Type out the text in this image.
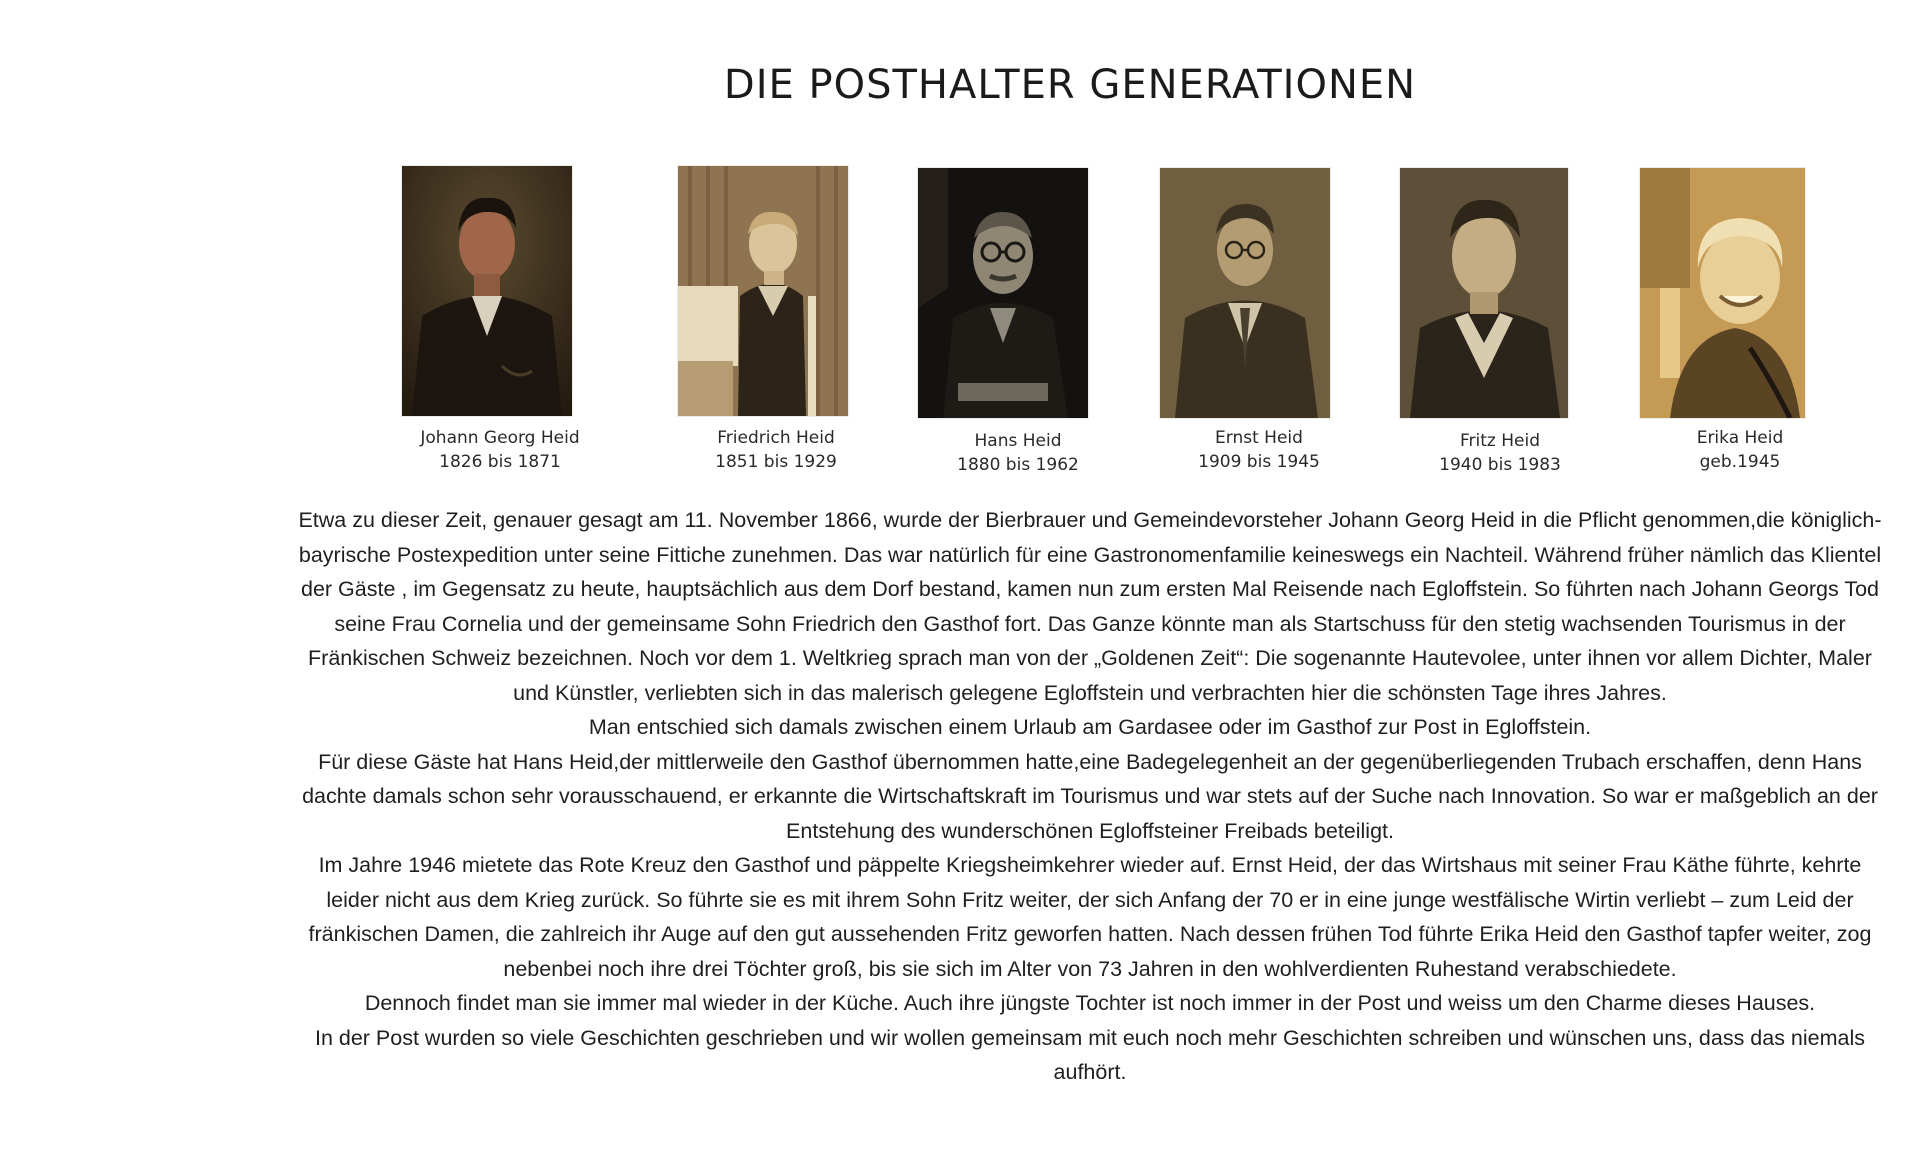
DIE POSTHALTER GENERATIONEN
Johann Georg Heid
1826 bis 1871
Friedrich Heid
1851 bis 1929
Hans Heid
1880 bis 1962
Ernst Heid
1909 bis 1945
Fritz Heid
1940 bis 1983
Erika Heid
geb.1945

Etwa zu dieser Zeit, genauer gesagt am 11. November 1866, wurde der Bierbrauer und Gemeindevorsteher Johann Georg Heid in die Pflicht genommen,die königlich-bayrische Postexpedition unter seine Fittiche zunehmen. Das war natürlich für eine Gastronomenfamilie keineswegs ein Nachteil. Während früher nämlich das Klientel der Gäste , im Gegensatz zu heute, hauptsächlich aus dem Dorf bestand, kamen nun zum ersten Mal Reisende nach Egloffstein. So führten nach Johann Georgs Tod seine Frau Cornelia und der gemeinsame Sohn Friedrich den Gasthof fort. Das Ganze könnte man als Startschuss für den stetig wachsenden Tourismus in der Fränkischen Schweiz bezeichnen. Noch vor dem 1. Weltkrieg sprach man von der „Goldenen Zeit“: Die sogenannte Hautevolee, unter ihnen vor allem Dichter, Maler und Künstler, verliebten sich in das malerisch gelegene Egloffstein und verbrachten hier die schönsten Tage ihres Jahres.

Man entschied sich damals zwischen einem Urlaub am Gardasee oder im Gasthof zur Post in Egloffstein.

Für diese Gäste hat Hans Heid,der mittlerweile den Gasthof übernommen hatte,eine Badegelegenheit an der gegenüberliegenden Trubach erschaffen, denn Hans dachte damals schon sehr vorausschauend, er erkannte die Wirtschaftskraft im Tourismus und war stets auf der Suche nach Innovation. So war er maßgeblich an der Entstehung des wunderschönen Egloffsteiner Freibads beteiligt.

Im Jahre 1946 mietete das Rote Kreuz den Gasthof und päppelte Kriegsheimkehrer wieder auf. Ernst Heid, der das Wirtshaus mit seiner Frau Käthe führte, kehrte leider nicht aus dem Krieg zurück. So führte sie es mit ihrem Sohn Fritz weiter, der sich Anfang der 70 er in eine junge westfälische Wirtin verliebt – zum Leid der fränkischen Damen, die zahlreich ihr Auge auf den gut aussehenden Fritz geworfen hatten. Nach dessen frühen Tod führte Erika Heid den Gasthof tapfer weiter, zog nebenbei noch ihre drei Töchter groß, bis sie sich im Alter von 73 Jahren in den wohlverdienten Ruhestand verabschiedete.

Dennoch findet man sie immer mal wieder in der Küche. Auch ihre jüngste Tochter ist noch immer in der Post und weiss um den Charme dieses Hauses.

In der Post wurden so viele Geschichten geschrieben und wir wollen gemeinsam mit euch noch mehr Geschichten schreiben und wünschen uns, dass das niemals aufhört.
